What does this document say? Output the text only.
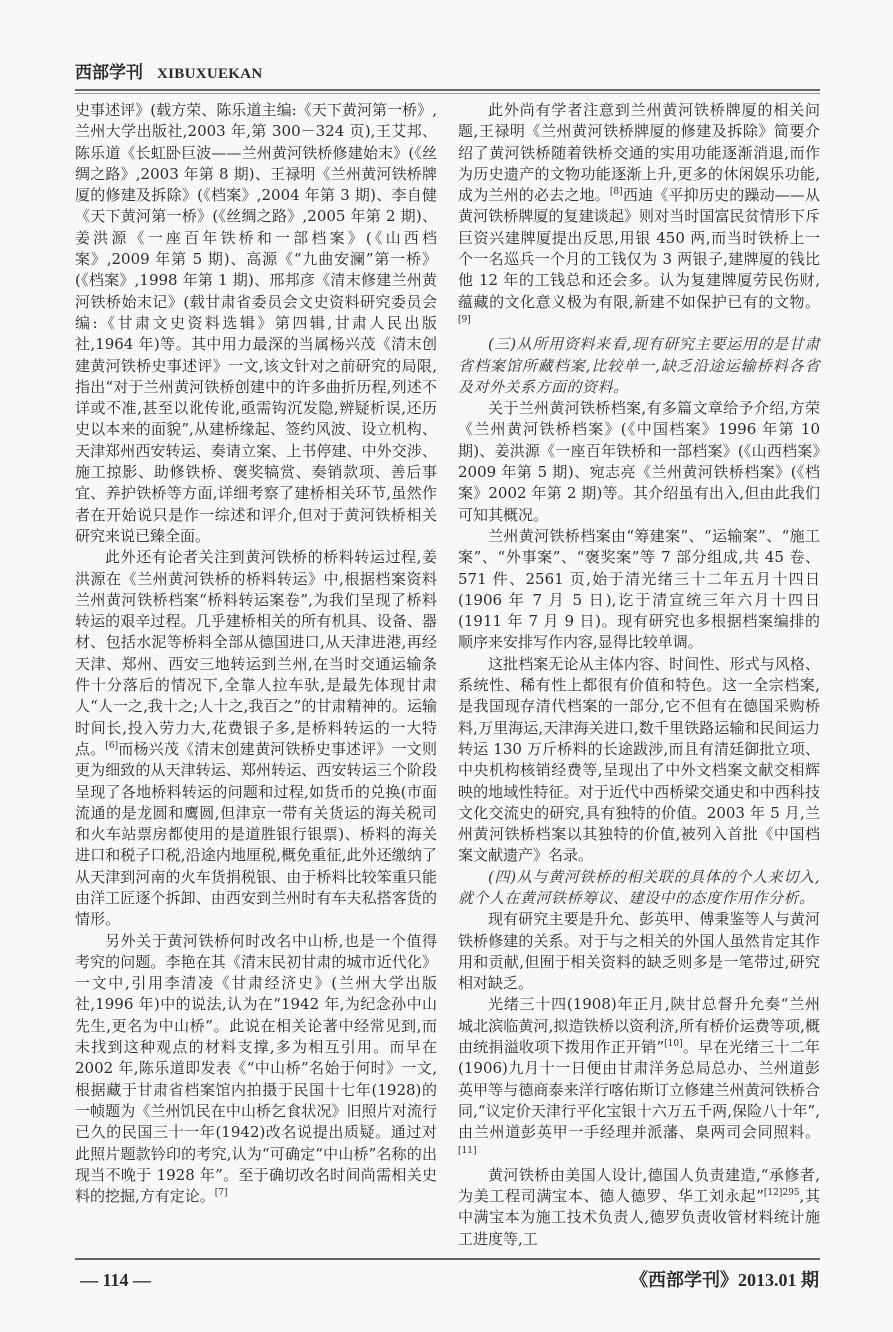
西部学刊 XIBUXUEKAN

史事述评》(载方荣、陈乐道主编:《天下黄河第一桥》,兰州大学出版社,2003 年,第 300－324 页),王艾邦、陈乐道《长虹卧巨波——兰州黄河铁桥修建始末》(《丝绸之路》,2003 年第 8 期)、王禄明《兰州黄河铁桥牌厦的修建及拆除》(《档案》,2004 年第 3 期)、李自健《天下黄河第一桥》(《丝绸之路》,2005 年第 2 期)、姜洪源《一座百年铁桥和一部档案》(《山西档案》,2009 年第 5 期)、高源《“九曲安澜”第一桥》(《档案》,1998 年第 1 期)、邢邦彦《清末修建兰州黄河铁桥始末记》(载甘肃省委员会文史资料研究委员会编:《甘肃文史资料选辑》第四辑,甘肃人民出版社,1964 年)等。其中用力最深的当属杨兴茂《清末创建黄河铁桥史事述评》一文,该文针对之前研究的局限,指出“对于兰州黄河铁桥创建中的许多曲折历程,列述不详或不准,甚至以讹传讹,亟需钩沉发隐,辨疑析误,还历史以本来的面貌”,从建桥缘起、签约风波、设立机构、天津郑州西安转运、奏请立案、上书停建、中外交涉、施工掠影、助修铁桥、褒奖犒赏、奏销款项、善后事宜、养护铁桥等方面,详细考察了建桥相关环节,虽然作者在开始说只是作一综述和评介,但对于黄河铁桥相关研究来说已臻全面。

此外还有论者关注到黄河铁桥的桥料转运过程,姜洪源在《兰州黄河铁桥的桥料转运》中,根据档案资料兰州黄河铁桥档案“桥料转运案卷”,为我们呈现了桥料转运的艰辛过程。几乎建桥相关的所有机具、设备、器材、包括水泥等桥料全部从德国进口,从天津进港,再经天津、郑州、西安三地转运到兰州,在当时交通运输条件十分落后的情况下,全靠人拉车驮,是最先体现甘肃人“人一之,我十之;人十之,我百之”的甘肃精神的。运输时间长,投入劳力大,花费银子多,是桥料转运的一大特点。[6]而杨兴茂《清末创建黄河铁桥史事述评》一文则更为细致的从天津转运、郑州转运、西安转运三个阶段呈现了各地桥料转运的问题和过程,如货币的兑换(市面流通的是龙圆和鹰圆,但津京一带有关货运的海关税司和火车站票房都使用的是道胜银行银票)、桥料的海关进口和税子口税,沿途内地厘税,概免重征,此外还缴纳了从天津到河南的火车货捐税银、由于桥料比较笨重只能由洋工匠逐个拆卸、由西安到兰州时有车夫私搭客货的情形。

另外关于黄河铁桥何时改名中山桥,也是一个值得考究的问题。李艳在其《清末民初甘肃的城市近代化》一文中,引用李清凌《甘肃经济史》(兰州大学出版社,1996 年)中的说法,认为在“1942 年,为纪念孙中山先生,更名为中山桥”。此说在相关论著中经常见到,而未找到这种观点的材料支撑,多为相互引用。而早在 2002 年,陈乐道即发表《“中山桥”名始于何时》一文,根据藏于甘肃省档案馆内拍摄于民国十七年(1928)的一帧题为《兰州饥民在中山桥乞食状况》旧照片对流行已久的民国三十一年(1942)改名说提出质疑。通过对此照片题款钤印的考究,认为“可确定“中山桥”名称的出现当不晚于 1928 年”。至于确切改名时间尚需相关史料的挖掘,方有定论。[7]

此外尚有学者注意到兰州黄河铁桥牌厦的相关问题,王禄明《兰州黄河铁桥牌厦的修建及拆除》简要介绍了黄河铁桥随着铁桥交通的实用功能逐渐消退,而作为历史遗产的文物功能逐渐上升,更多的休闲娱乐功能,成为兰州的必去之地。[8]西迪《平抑历史的躁动——从黄河铁桥牌厦的复建谈起》则对当时国富民贫情形下斥巨资兴建牌厦提出反思,用银 450 两,而当时铁桥上一个一名巡兵一个月的工钱仅为 3 两银子,建牌厦的钱比他 12 年的工钱总和还会多。认为复建牌厦劳民伤财,蕴藏的文化意义极为有限,新建不如保护已有的文物。[9]

(三)从所用资料来看,现有研究主要运用的是甘肃省档案馆所藏档案,比较单一,缺乏沿途运输桥料各省及对外关系方面的资料。

关于兰州黄河铁桥档案,有多篇文章给予介绍,方荣《兰州黄河铁桥档案》(《中国档案》1996 年第 10 期)、姜洪源《一座百年铁桥和一部档案》(《山西档案》2009 年第 5 期)、宛志亮《兰州黄河铁桥档案》(《档案》2002 年第 2 期)等。其介绍虽有出入,但由此我们可知其概况。

兰州黄河铁桥档案由“筹建案”、“运输案”、“施工案”、“外事案”、“褒奖案”等 7 部分组成,共 45 卷、571 件、2561 页,始于清光绪三十二年五月十四日(1906 年 7 月 5 日),讫于清宣统三年六月十四日(1911 年 7 月 9 日)。现有研究也多根据档案编排的顺序来安排写作内容,显得比较单调。

这批档案无论从主体内容、时间性、形式与风格、系统性、稀有性上都很有价值和特色。这一全宗档案,是我国现存清代档案的一部分,它不但有在德国采购桥料,万里海运,天津海关进口,数千里铁路运输和民间运力转运 130 万斤桥料的长途跋涉,而且有清廷御批立项、中央机构核销经费等,呈现出了中外文档案文献交相辉映的地域性特征。对于近代中西桥梁交通史和中西科技文化交流史的研究,具有独特的价值。2003 年 5 月,兰州黄河铁桥档案以其独特的价值,被列入首批《中国档案文献遗产》名录。

(四)从与黄河铁桥的相关联的具体的个人来切入,就个人在黄河铁桥筹议、建设中的态度作用作分析。

现有研究主要是升允、彭英甲、傅秉鉴等人与黄河铁桥修建的关系。对于与之相关的外国人虽然肯定其作用和贡献,但囿于相关资料的缺乏则多是一笔带过,研究相对缺乏。

光绪三十四(1908)年正月,陕甘总督升允奏“兰州城北滨临黄河,拟造铁桥以资利济,所有桥价运费等项,概由统捐溢收项下拨用作正开销”[10]。早在光绪三十二年(1906)九月十一日便由甘肃洋务总局总办、兰州道彭英甲等与德商泰来洋行喀佑斯订立修建兰州黄河铁桥合同,“议定价天津行平化宝银十六万五千两,保险八十年”,由兰州道彭英甲一手经理并派藩、臬两司会同照料。[11]

黄河铁桥由美国人设计,德国人负责建造,“承修者,为美工程司满宝本、德人德罗、华工刘永起”$^{[12]295}$,其中满宝本为施工技术负责人,德罗负责收管材料统计施工进度等,工

— 114 —	《西部学刊》2013.01 期
